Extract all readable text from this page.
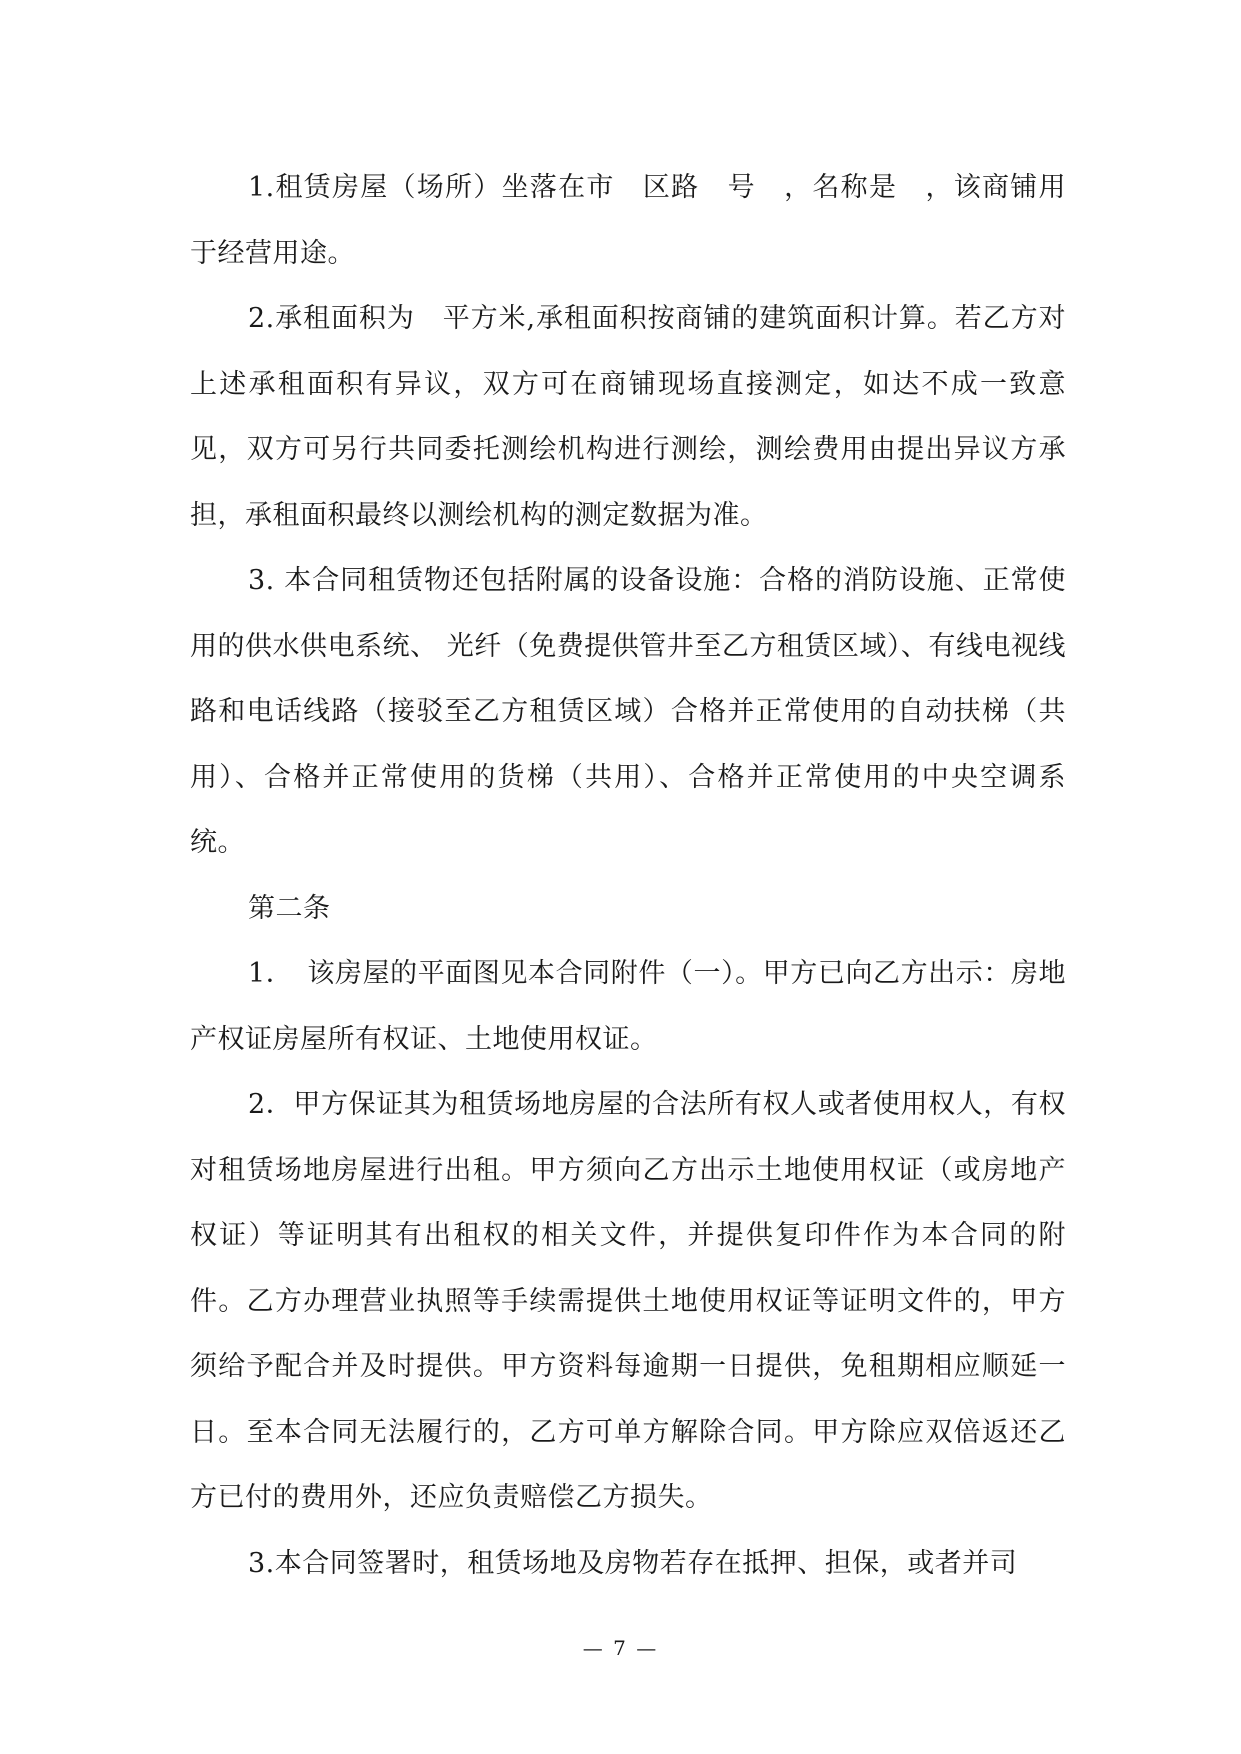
1.租赁房屋（场所）坐落在市　区路　号　，名称是　，该商铺用于经营用途。

2.承租面积为　平方米,承租面积按商铺的建筑面积计算。若乙方对上述承租面积有异议，双方可在商铺现场直接测定，如达不成一致意见，双方可另行共同委托测绘机构进行测绘，测绘费用由提出异议方承担，承租面积最终以测绘机构的测定数据为准。

3. 本合同租赁物还包括附属的设备设施：合格的消防设施、正常使用的供水供电系统、 光纤（免费提供管井至乙方租赁区域）、有线电视线路和电话线路（接驳至乙方租赁区域）合格并正常使用的自动扶梯（共用）、合格并正常使用的货梯（共用）、合格并正常使用的中央空调系统。

第二条

1．　该房屋的平面图见本合同附件（一）。甲方已向乙方出示：房地产权证房屋所有权证、土地使用权证。

2．甲方保证其为租赁场地房屋的合法所有权人或者使用权人，有权对租赁场地房屋进行出租。甲方须向乙方出示土地使用权证（或房地产权证）等证明其有出租权的相关文件，并提供复印件作为本合同的附件。乙方办理营业执照等手续需提供土地使用权证等证明文件的，甲方须给予配合并及时提供。甲方资料每逾期一日提供，免租期相应顺延一日。至本合同无法履行的，乙方可单方解除合同。甲方除应双倍返还乙方已付的费用外，还应负责赔偿乙方损失。

3.本合同签署时，租赁场地及房物若存在抵押、担保，或者并司

— 7 —
